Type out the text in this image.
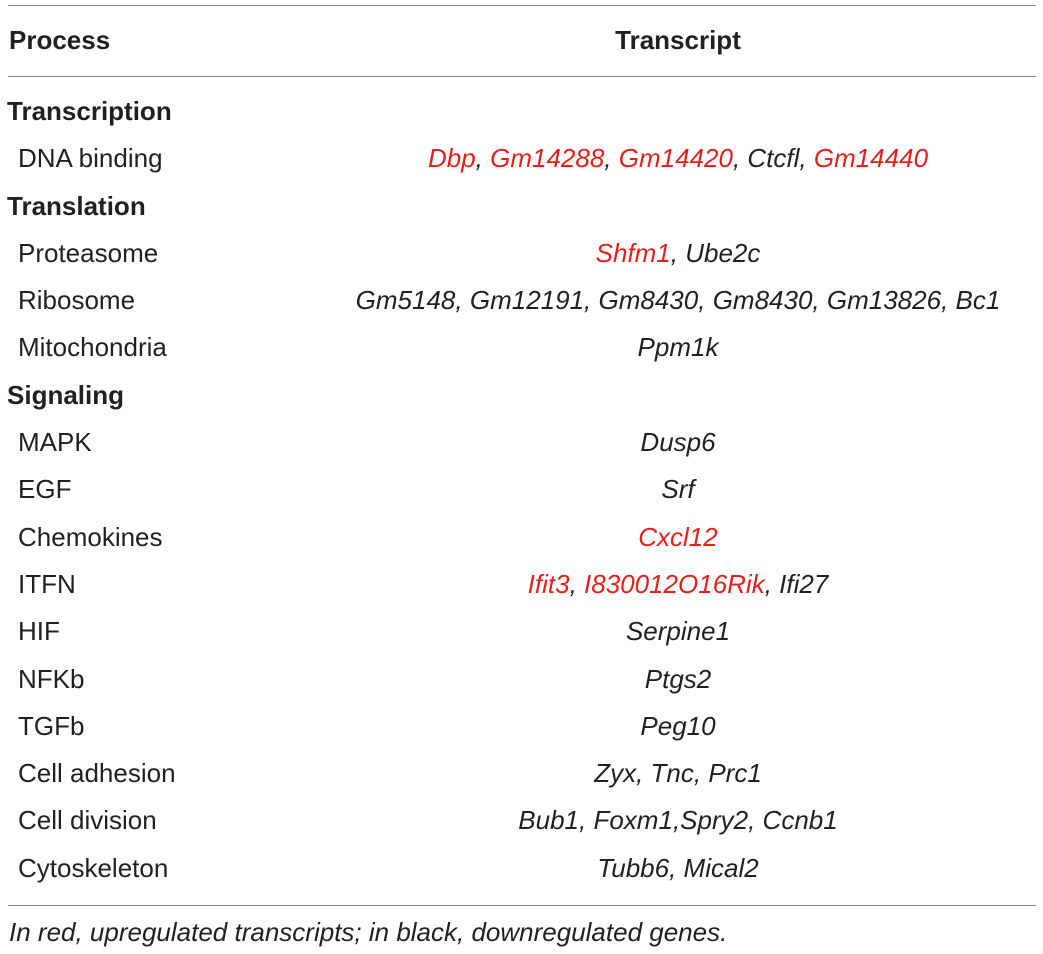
Process	Transcript
Transcription
DNA binding	Dbp, Gm14288, Gm14420, Ctcfl, Gm14440
Translation
Proteasome	Shfm1, Ube2c
Ribosome	Gm5148, Gm12191, Gm8430, Gm8430, Gm13826, Bc1
Mitochondria	Ppm1k
Signaling
MAPK	Dusp6
EGF	Srf
Chemokines	Cxcl12
ITFN	Ifit3, I830012O16Rik, Ifi27
HIF	Serpine1
NFKb	Ptgs2
TGFb	Peg10
Cell adhesion	Zyx, Tnc, Prc1
Cell division	Bub1, Foxm1,Spry2, Ccnb1
Cytoskeleton	Tubb6, Mical2
In red, upregulated transcripts; in black, downregulated genes.
